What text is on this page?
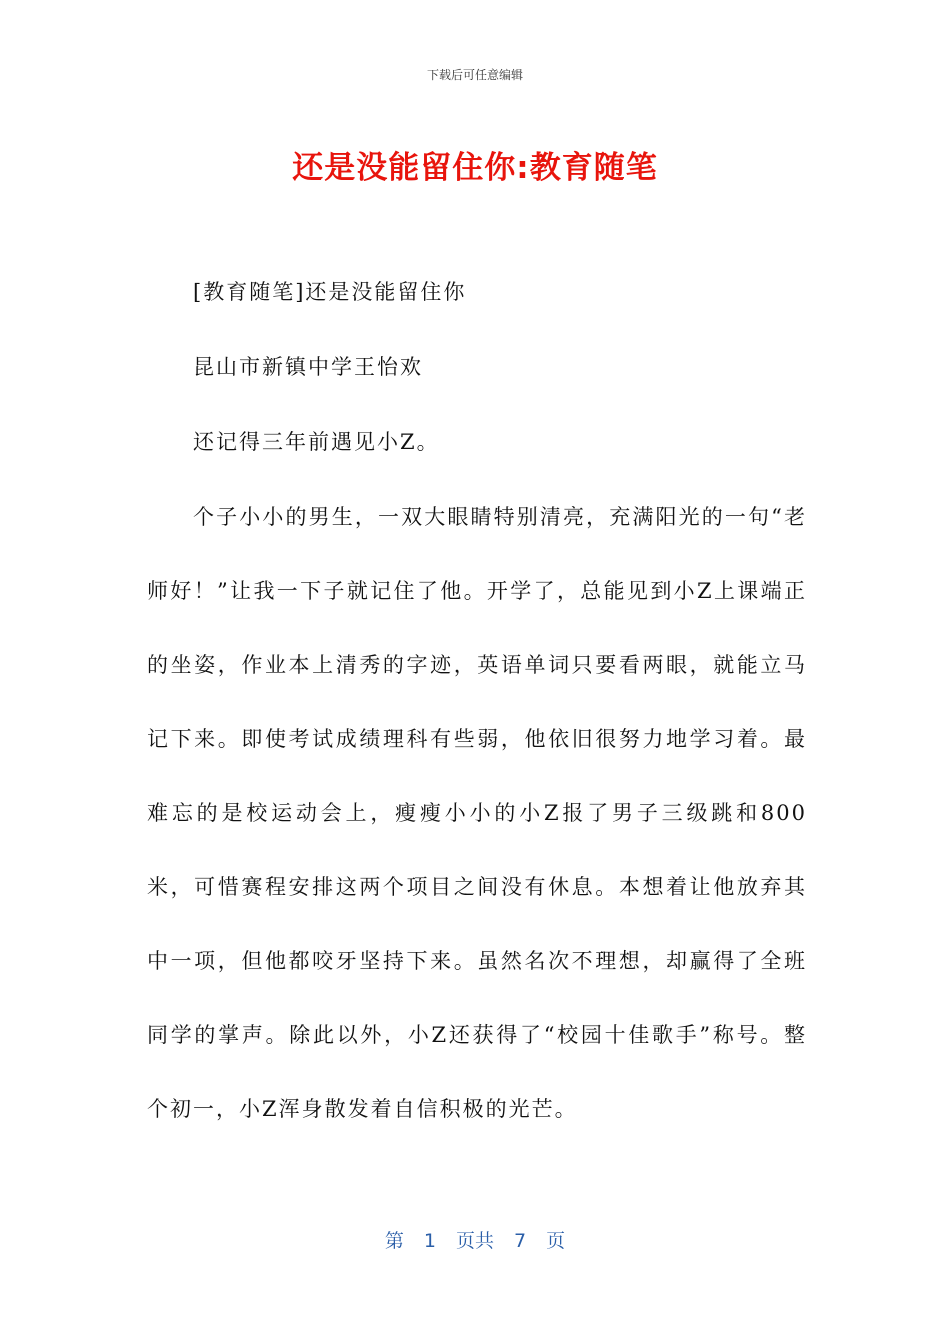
下载后可任意编辑
还是没能留住你:教育随笔

[教育随笔]还是没能留住你

昆山市新镇中学王怡欢

还记得三年前遇见小Z。

个子小小的男生，一双大眼睛特别清亮，充满阳光的一句“老师好！”让我一下子就记住了他。开学了，总能见到小Z上课端正的坐姿，作业本上清秀的字迹，英语单词只要看两眼，就能立马记下来。即使考试成绩理科有些弱，他依旧很努力地学习着。最难忘的是校运动会上，瘦瘦小小的小Z报了男子三级跳和800米，可惜赛程安排这两个项目之间没有休息。本想着让他放弃其中一项，但他都咬牙坚持下来。虽然名次不理想，却赢得了全班同学的掌声。除此以外，小Z还获得了“校园十佳歌手”称号。整个初一，小Z浑身散发着自信积极的光芒。

第 1 页共 7 页
